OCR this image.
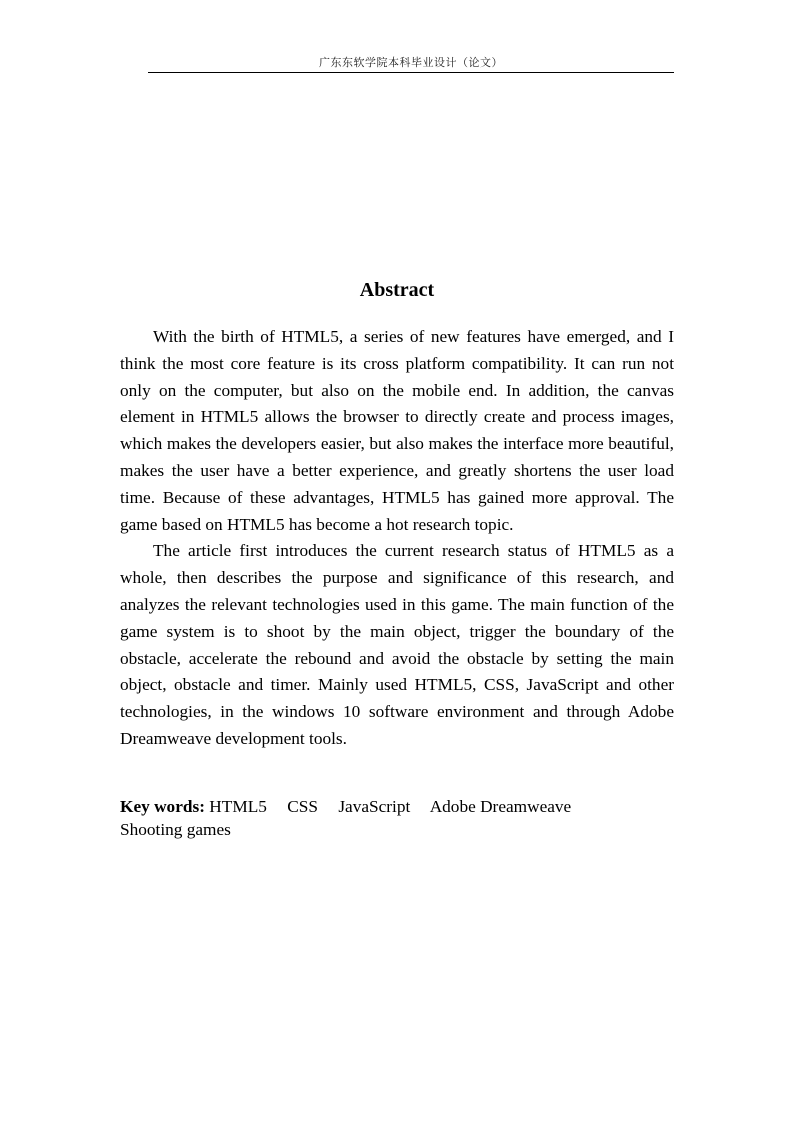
广东东软学院本科毕业设计（论文）
Abstract

With the birth of HTML5, a series of new features have emerged, and I think the most core feature is its cross platform compatibility. It can run not only on the computer, but also on the mobile end. In addition, the canvas element in HTML5 allows the browser to directly create and process images, which makes the developers easier, but also makes the interface more beautiful, makes the user have a better experience, and greatly shortens the user load time. Because of these advantages, HTML5 has gained more approval. The game based on HTML5 has become a hot research topic.

The article first introduces the current research status of HTML5 as a whole, then describes the purpose and significance of this research, and analyzes the relevant technologies used in this game. The main function of the game system is to shoot by the main object, trigger the boundary of the obstacle, accelerate the rebound and avoid the obstacle by setting the main object, obstacle and timer. Mainly used HTML5, CSS, JavaScript and other technologies, in the windows 10 software environment and through Adobe Dreamweave development tools.

Key words: HTML5 CSS JavaScript Adobe Dreamweave
Shooting games
